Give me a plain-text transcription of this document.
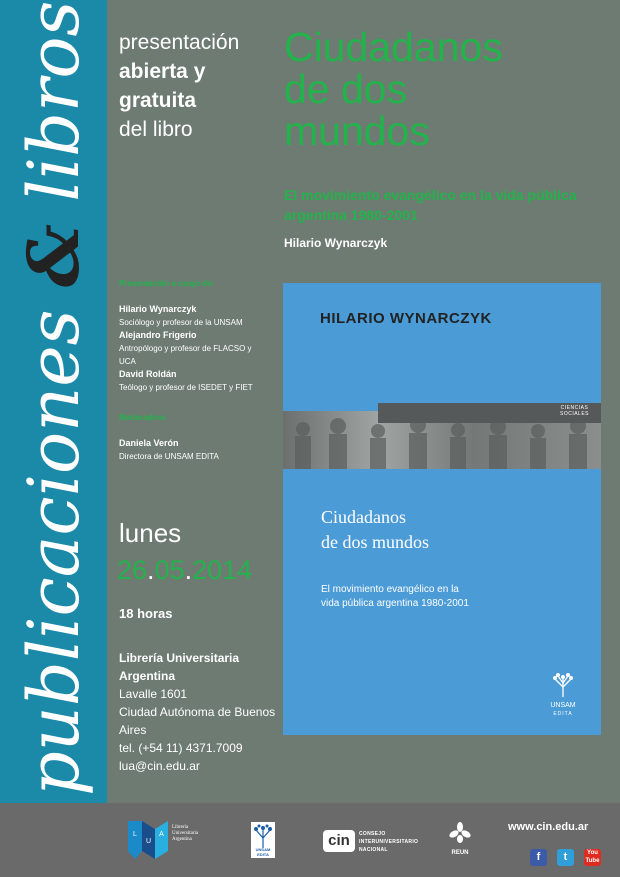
publicaciones & libros presentación
abierta y
gratuita
del libro
Ciudadanos
de dos
mundos
El movimiento evangélico en la vida pública argentina 1980-2001
Hilario Wynarczyk
Presentación a cargo de:
Hilario Wynarczyk
Sociólogo y profesor de la UNSAM
Alejandro Frigerio
Antropólogo y profesor de FLACSO y UCA
David Roldán
Teólogo y profesor de ISEDET y FIET
Moderadora:
Daniela Verón
Directora de UNSAM EDITA
lunes
26.05.2014
18 horas
Librería Universitaria Argentina
Lavalle 1601
Ciudad Autónoma de Buenos Aires
tel. (+54 11) 4371.7009
lua@cin.edu.ar
HILARIO WYNARCZYK
CIENCIAS
SOCIALES
Ciudadanos
de dos mundos
El movimiento evangélico en la
vida pública argentina 1980-2001
UNSAM
EDITA
L
U
A
Librería
Universitaria
Argentina
UNSAM EDITA
cin	CONSEJO
INTERUNIVERSITARIO
NACIONAL	REUN
www.cin.edu.ar
f	t	You
Tube
